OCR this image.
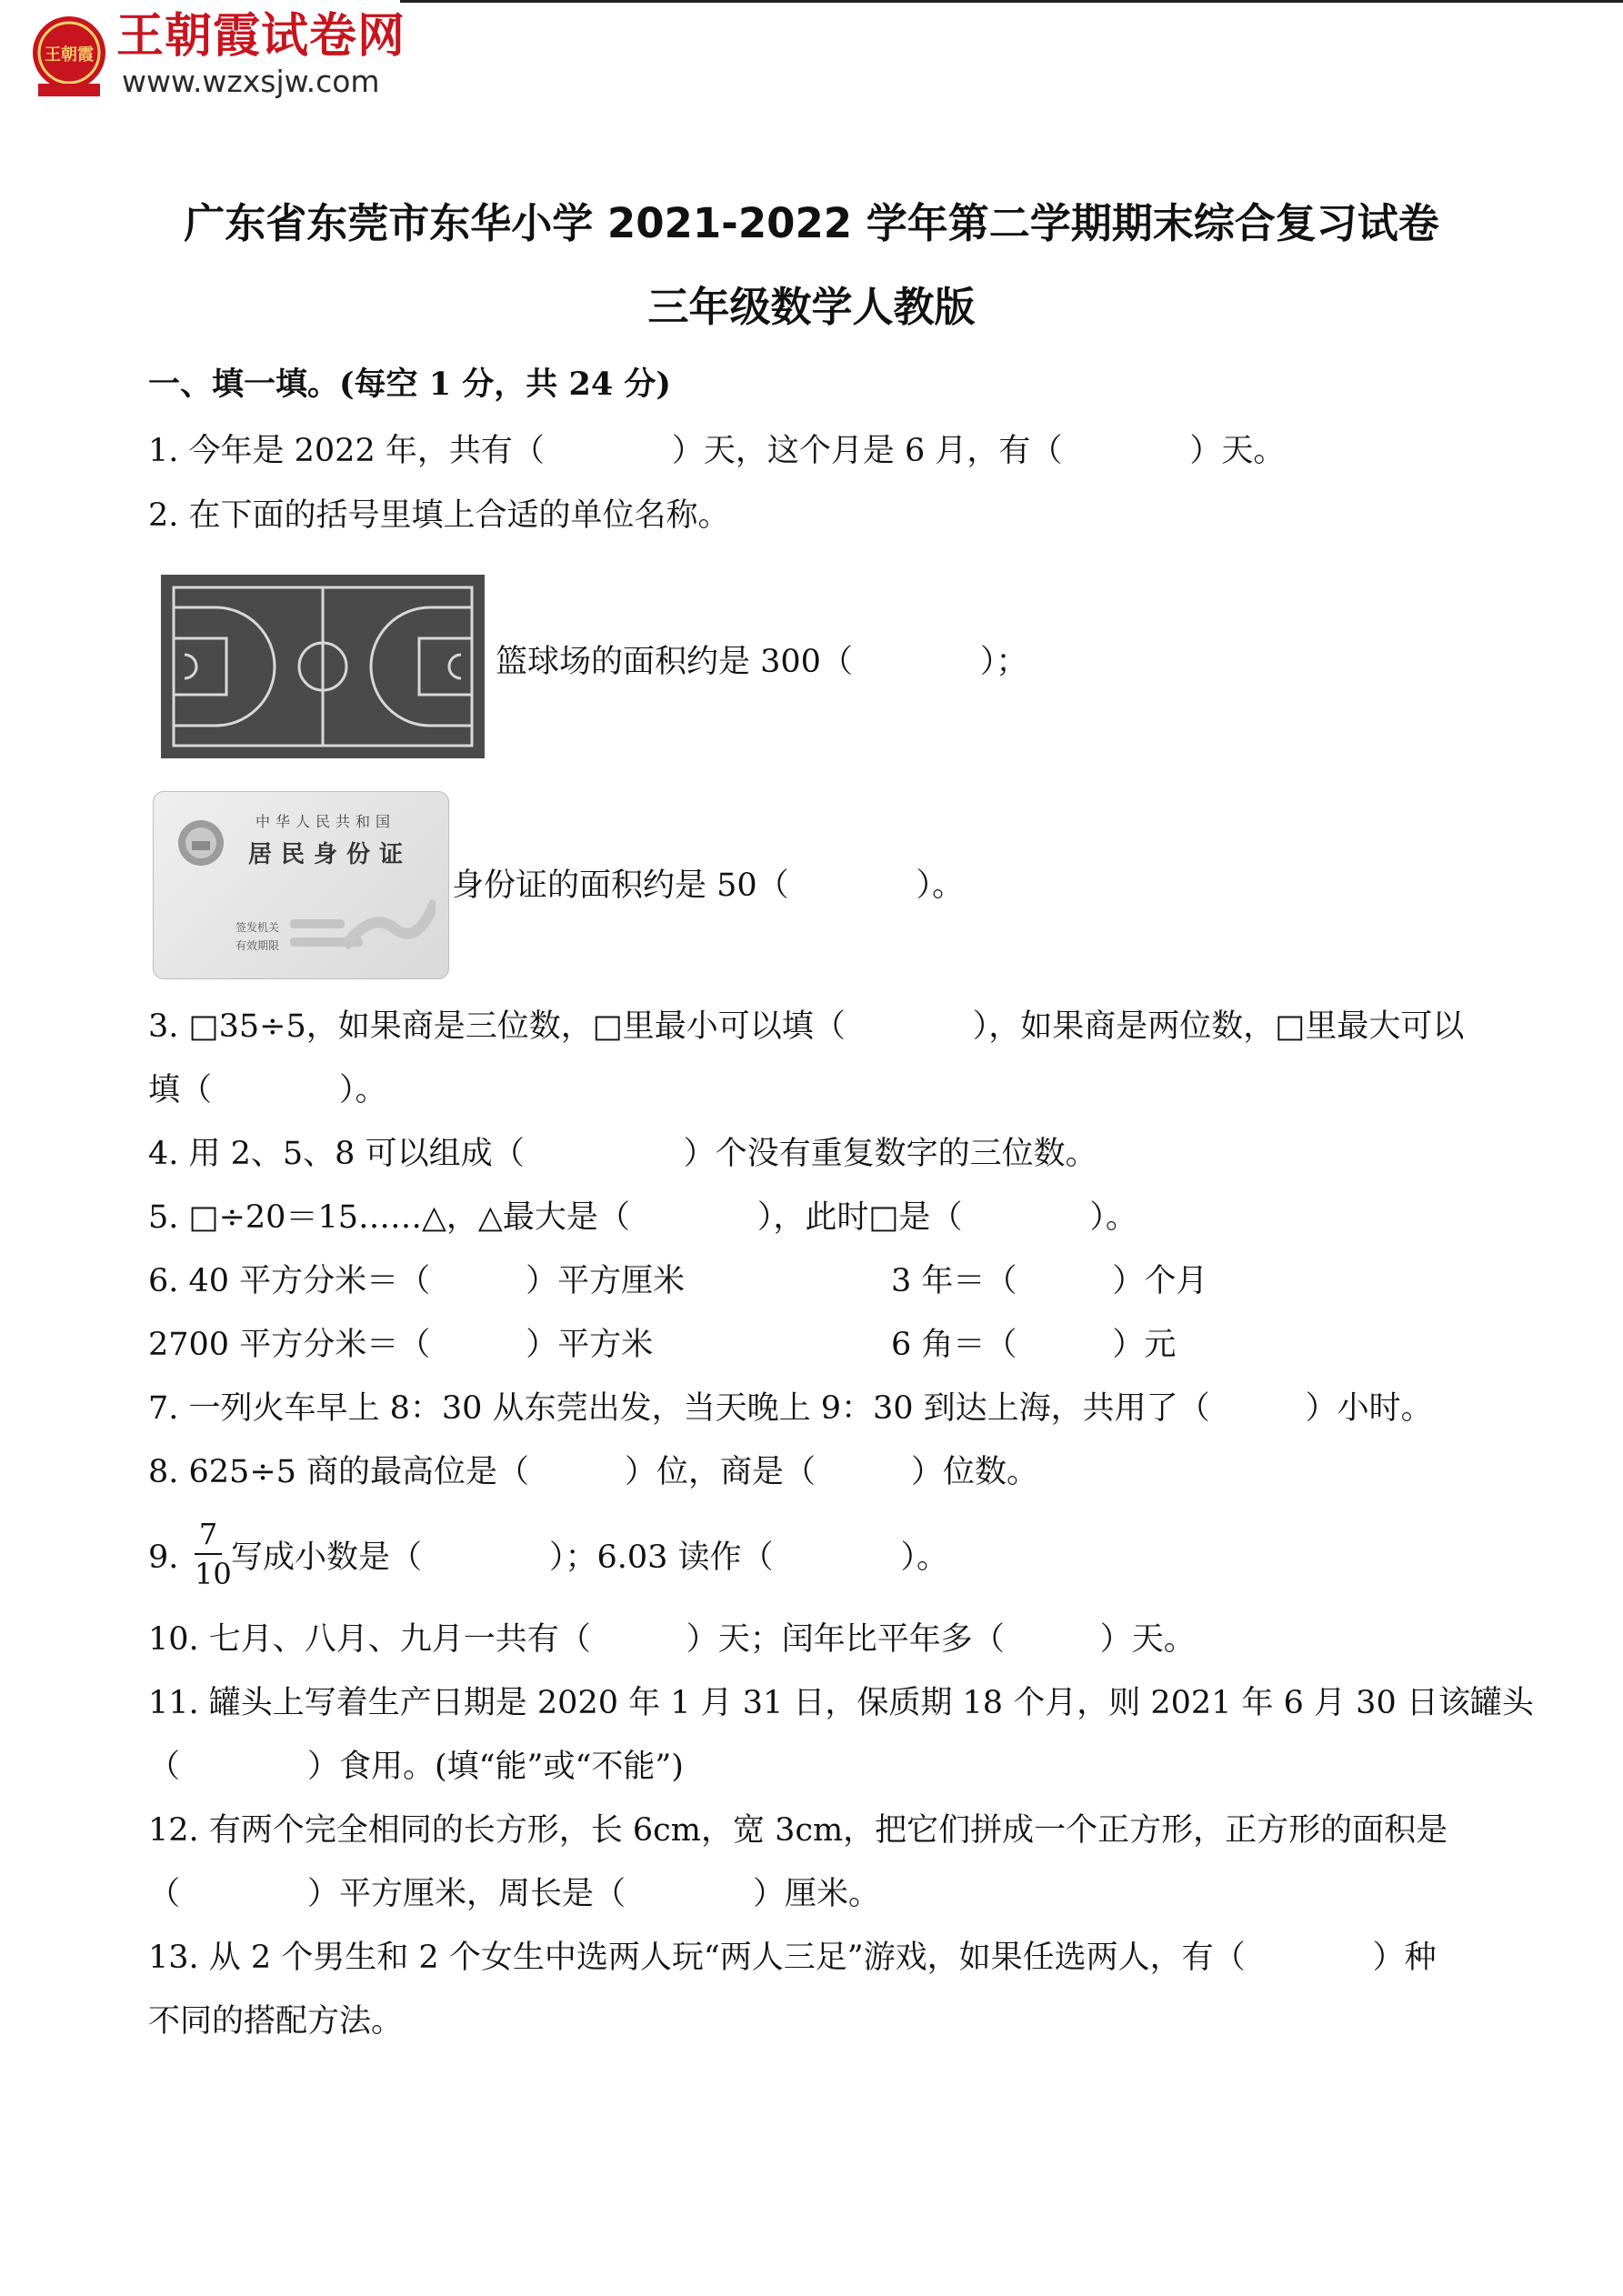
王朝霞 王朝霞试卷网
www.wzxsjw.com
广东省东莞市东华小学 2021-2022 学年第二学期期末综合复习试卷
三年级数学人教版
一、填一填。(每空 1 分，共 24 分)
1. 今年是 2022 年，共有（　　　　）天，这个月是 6 月，有（　　　　）天。
2. 在下面的括号里填上合适的单位名称。
篮球场的面积约是 300（　　　　）；
中华人民共和国
居民身份证
签发机关
有效期限
身份证的面积约是 50（　　　　）。
3. □35÷5，如果商是三位数，□里最小可以填（　　　　），如果商是两位数，□里最大可以
填（　　　　）。
4. 用 2、5、8 可以组成（　　　　　）个没有重复数字的三位数。
5. □÷20＝15……△，△最大是（　　　　），此时□是（　　　　）。
6. 40 平方分米＝（　　　）平方厘米	3 年＝（　　　）个月
2700 平方分米＝（　　　）平方米	6 角＝（　　　）元
7. 一列火车早上 8：30 从东莞出发，当天晚上 9：30 到达上海，共用了（　　　）小时。
8. 625÷5 商的最高位是（　　　）位，商是（　　　）位数。
9.
7
10 写成小数是（　　　　）；6.03 读作（　　　　）。
10. 七月、八月、九月一共有（　　　）天；闰年比平年多（　　　）天。
11. 罐头上写着生产日期是 2020 年 1 月 31 日，保质期 18 个月，则 2021 年 6 月 30 日该罐头
（　　　　）食用。(填“能”或“不能”)
12. 有两个完全相同的长方形，长 6cm，宽 3cm，把它们拼成一个正方形，正方形的面积是
（　　　　）平方厘米，周长是（　　　　）厘米。
13. 从 2 个男生和 2 个女生中选两人玩“两人三足”游戏，如果任选两人，有（　　　　）种
不同的搭配方法。
